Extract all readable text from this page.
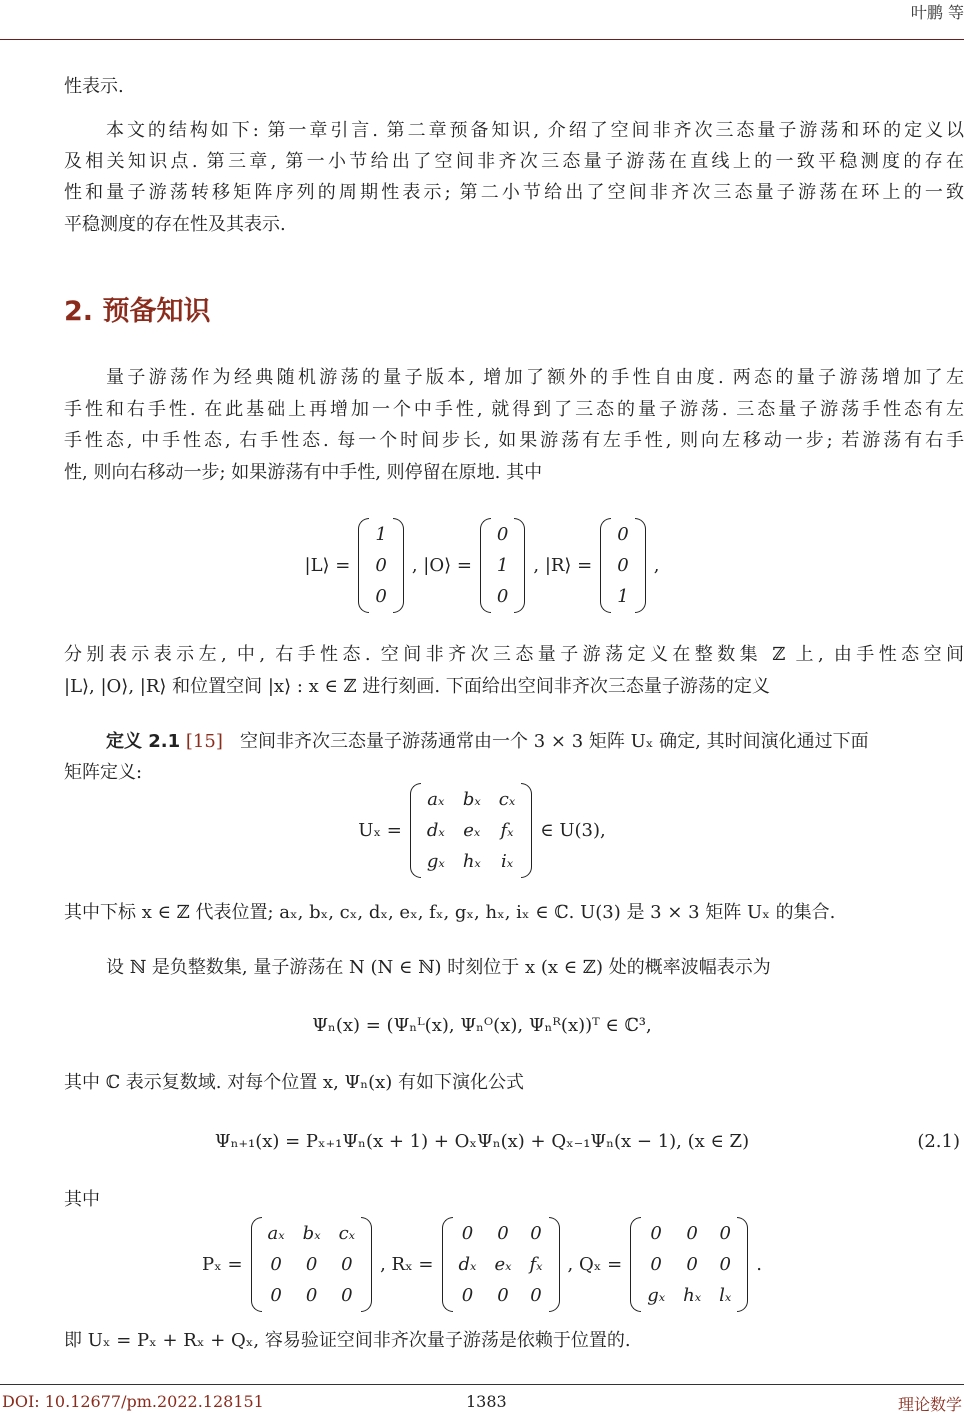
叶鹏 等
性表示.
本文的结构如下: 第一章引言. 第二章预备知识, 介绍了空间非齐次三态量子游荡和环的定义以
及相关知识点. 第三章, 第一小节给出了空间非齐次三态量子游荡在直线上的一致平稳测度的存在
性和量子游荡转移矩阵序列的周期性表示; 第二小节给出了空间非齐次三态量子游荡在环上的一致
平稳测度的存在性及其表示.
2. 预备知识
量子游荡作为经典随机游荡的量子版本, 增加了额外的手性自由度. 两态的量子游荡增加了左
手性和右手性. 在此基础上再增加一个中手性, 就得到了三态的量子游荡. 三态量子游荡手性态有左
手性态, 中手性态, 右手性态. 每一个时间步长, 如果游荡有左手性, 则向左移动一步; 若游荡有右手
性, 则向右移动一步; 如果游荡有中手性, 则停留在原地. 其中
|L⟩ =
1
0
0
, |O⟩ =
0
1
0
, |R⟩ =
0
0
1
,
分别表示表示左, 中, 右手性态. 空间非齐次三态量子游荡定义在整数集 ℤ 上, 由手性态空间
|L⟩, |O⟩, |R⟩ 和位置空间 |x⟩ : x ∈ ℤ 进行刻画. 下面给出空间非齐次三态量子游荡的定义
定义 2.1 [15] 空间非齐次三态量子游荡通常由一个 3 × 3 矩阵 Uₓ 确定, 其时间演化通过下面
矩阵定义:
Uₓ =
aₓ bₓ cₓ
dₓ eₓ fₓ
gₓ hₓ iₓ
∈ U(3),
其中下标 x ∈ ℤ 代表位置; aₓ, bₓ, cₓ, dₓ, eₓ, fₓ, gₓ, hₓ, iₓ ∈ ℂ. U(3) 是 3 × 3 矩阵 Uₓ 的集合.
设 ℕ 是负整数集, 量子游荡在 N (N ∈ ℕ) 时刻位于 x (x ∈ ℤ) 处的概率波幅表示为
Ψₙ(x) = (Ψₙᴸ(x), Ψₙᴼ(x), Ψₙᴿ(x))ᵀ ∈ ℂ³,
其中 ℂ 表示复数域. 对每个位置 x, Ψₙ(x) 有如下演化公式
Ψₙ₊₁(x) = Pₓ₊₁Ψₙ(x + 1) + OₓΨₙ(x) + Qₓ₋₁Ψₙ(x − 1), (x ∈ Z)	(2.1)
其中
Pₓ =
aₓ bₓ cₓ
0 0 0
0 0 0
, Rₓ =
0 0 0
dₓ eₓ fₓ
0 0 0
, Qₓ =
0 0 0
0 0 0
gₓ hₓ lₓ
.
即 Uₓ = Pₓ + Rₓ + Qₓ, 容易验证空间非齐次量子游荡是依赖于位置的.
DOI: 10.12677/pm.2022.128151	1383	理论数学
